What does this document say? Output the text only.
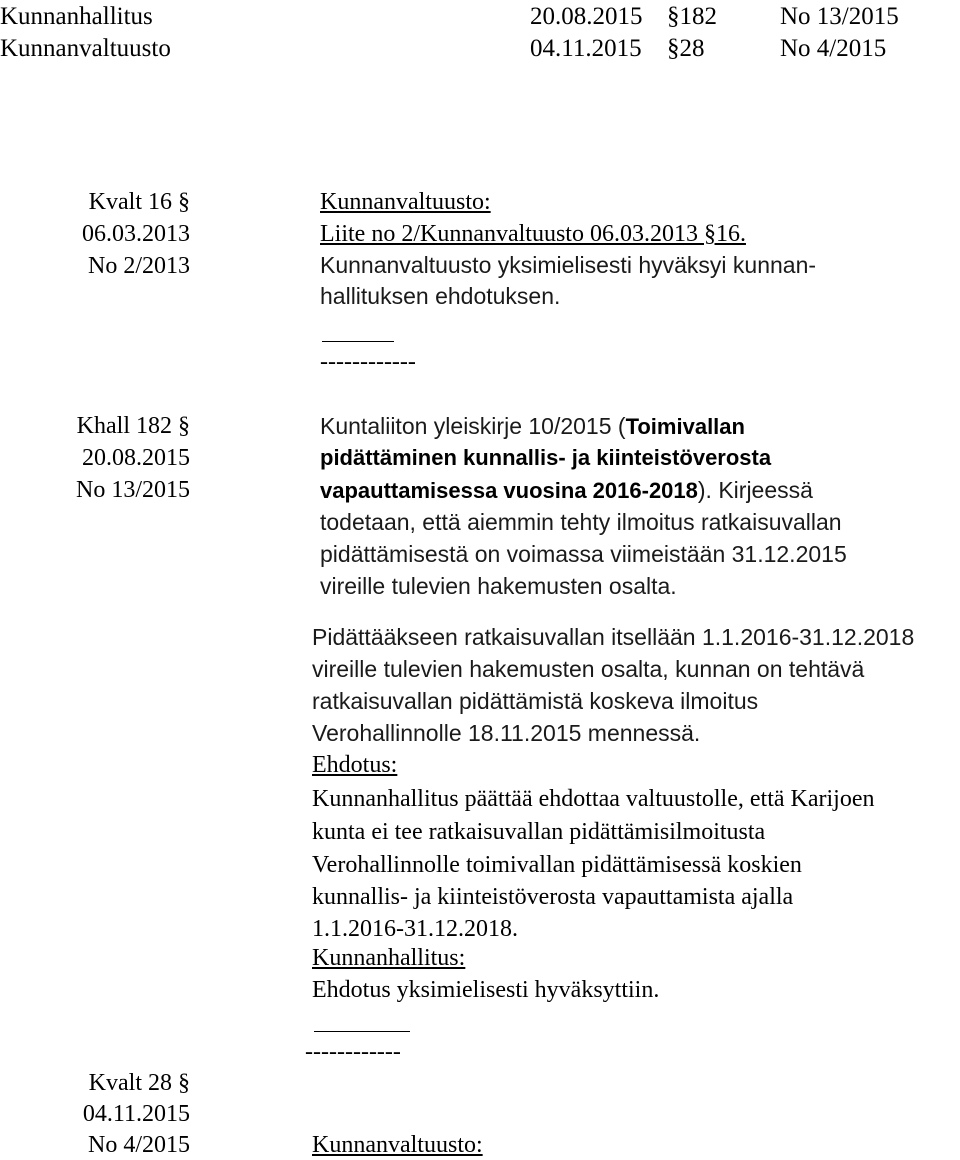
Kunnanhallitus	20.08.2015 §182	No 13/2015
Kunnanvaltuusto	04.11.2015 §28	No 4/2015
Kvalt 16 §
06.03.2013
No 2/2013
Kunnanvaltuusto:
Liite no 2/Kunnanvaltuusto 06.03.2013 §16.
Kunnanvaltuusto yksimielisesti hyväksyi kunnan-
hallituksen ehdotuksen.
------------
Khall 182 §
20.08.2015
No 13/2015
Kuntaliiton yleiskirje 10/2015 (Toimivallan
pidättäminen kunnallis- ja kiinteistöverosta
vapauttamisessa vuosina 2016-2018). Kirjeessä
todetaan, että aiemmin tehty ilmoitus ratkaisuvallan
pidättämisestä on voimassa viimeistään 31.12.2015
vireille tulevien hakemusten osalta.
Pidättääkseen ratkaisuvallan itsellään 1.1.2016-31.12.2018
vireille tulevien hakemusten osalta, kunnan on tehtävä
ratkaisuvallan pidättämistä koskeva ilmoitus
Verohallinnolle 18.11.2015 mennessä.
Ehdotus:
Kunnanhallitus päättää ehdottaa valtuustolle, että Karijoen
kunta ei tee ratkaisuvallan pidättämisilmoitusta
Verohallinnolle toimivallan pidättämisessä koskien
kunnallis- ja kiinteistöverosta vapauttamista ajalla
1.1.2016-31.12.2018.
Kunnanhallitus:
Ehdotus yksimielisesti hyväksyttiin.
------------
Kvalt 28 §
04.11.2015
No 4/2015	Kunnanvaltuusto:
